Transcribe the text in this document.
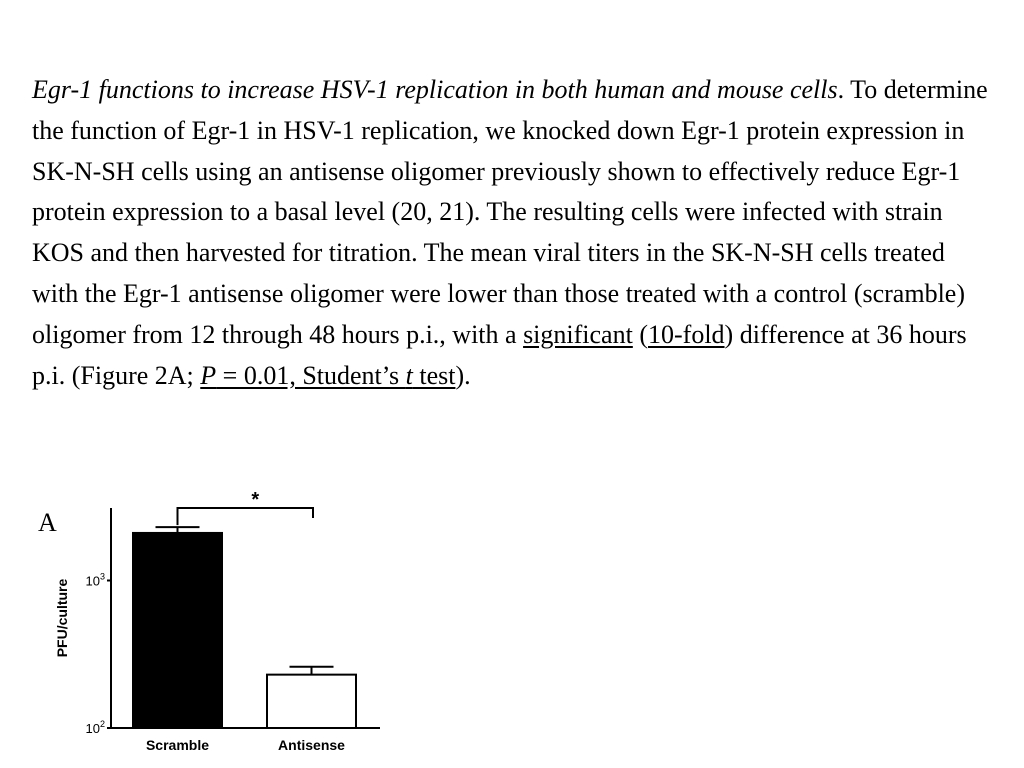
Egr-1 functions to increase HSV-1 replication in both human and mouse cells. To determine the function of Egr-1 in HSV-1 replication, we knocked down Egr-1 protein expression in SK-N-SH cells using an antisense oligomer previously shown to effectively reduce Egr-1 protein expression to a basal level (20, 21). The resulting cells were infected with strain KOS and then harvested for titration. The mean viral titers in the SK-N-SH cells treated with the Egr-1 antisense oligomer were lower than those treated with a control (scramble) oligomer from 12 through 48 hours p.i., with a significant (10-fold) difference at 36 hours p.i. (Figure 2A; P = 0.01, Student’s t test).

A
$10^2$
$10^3$
PFU/culture
Scramble	Antisense
*
